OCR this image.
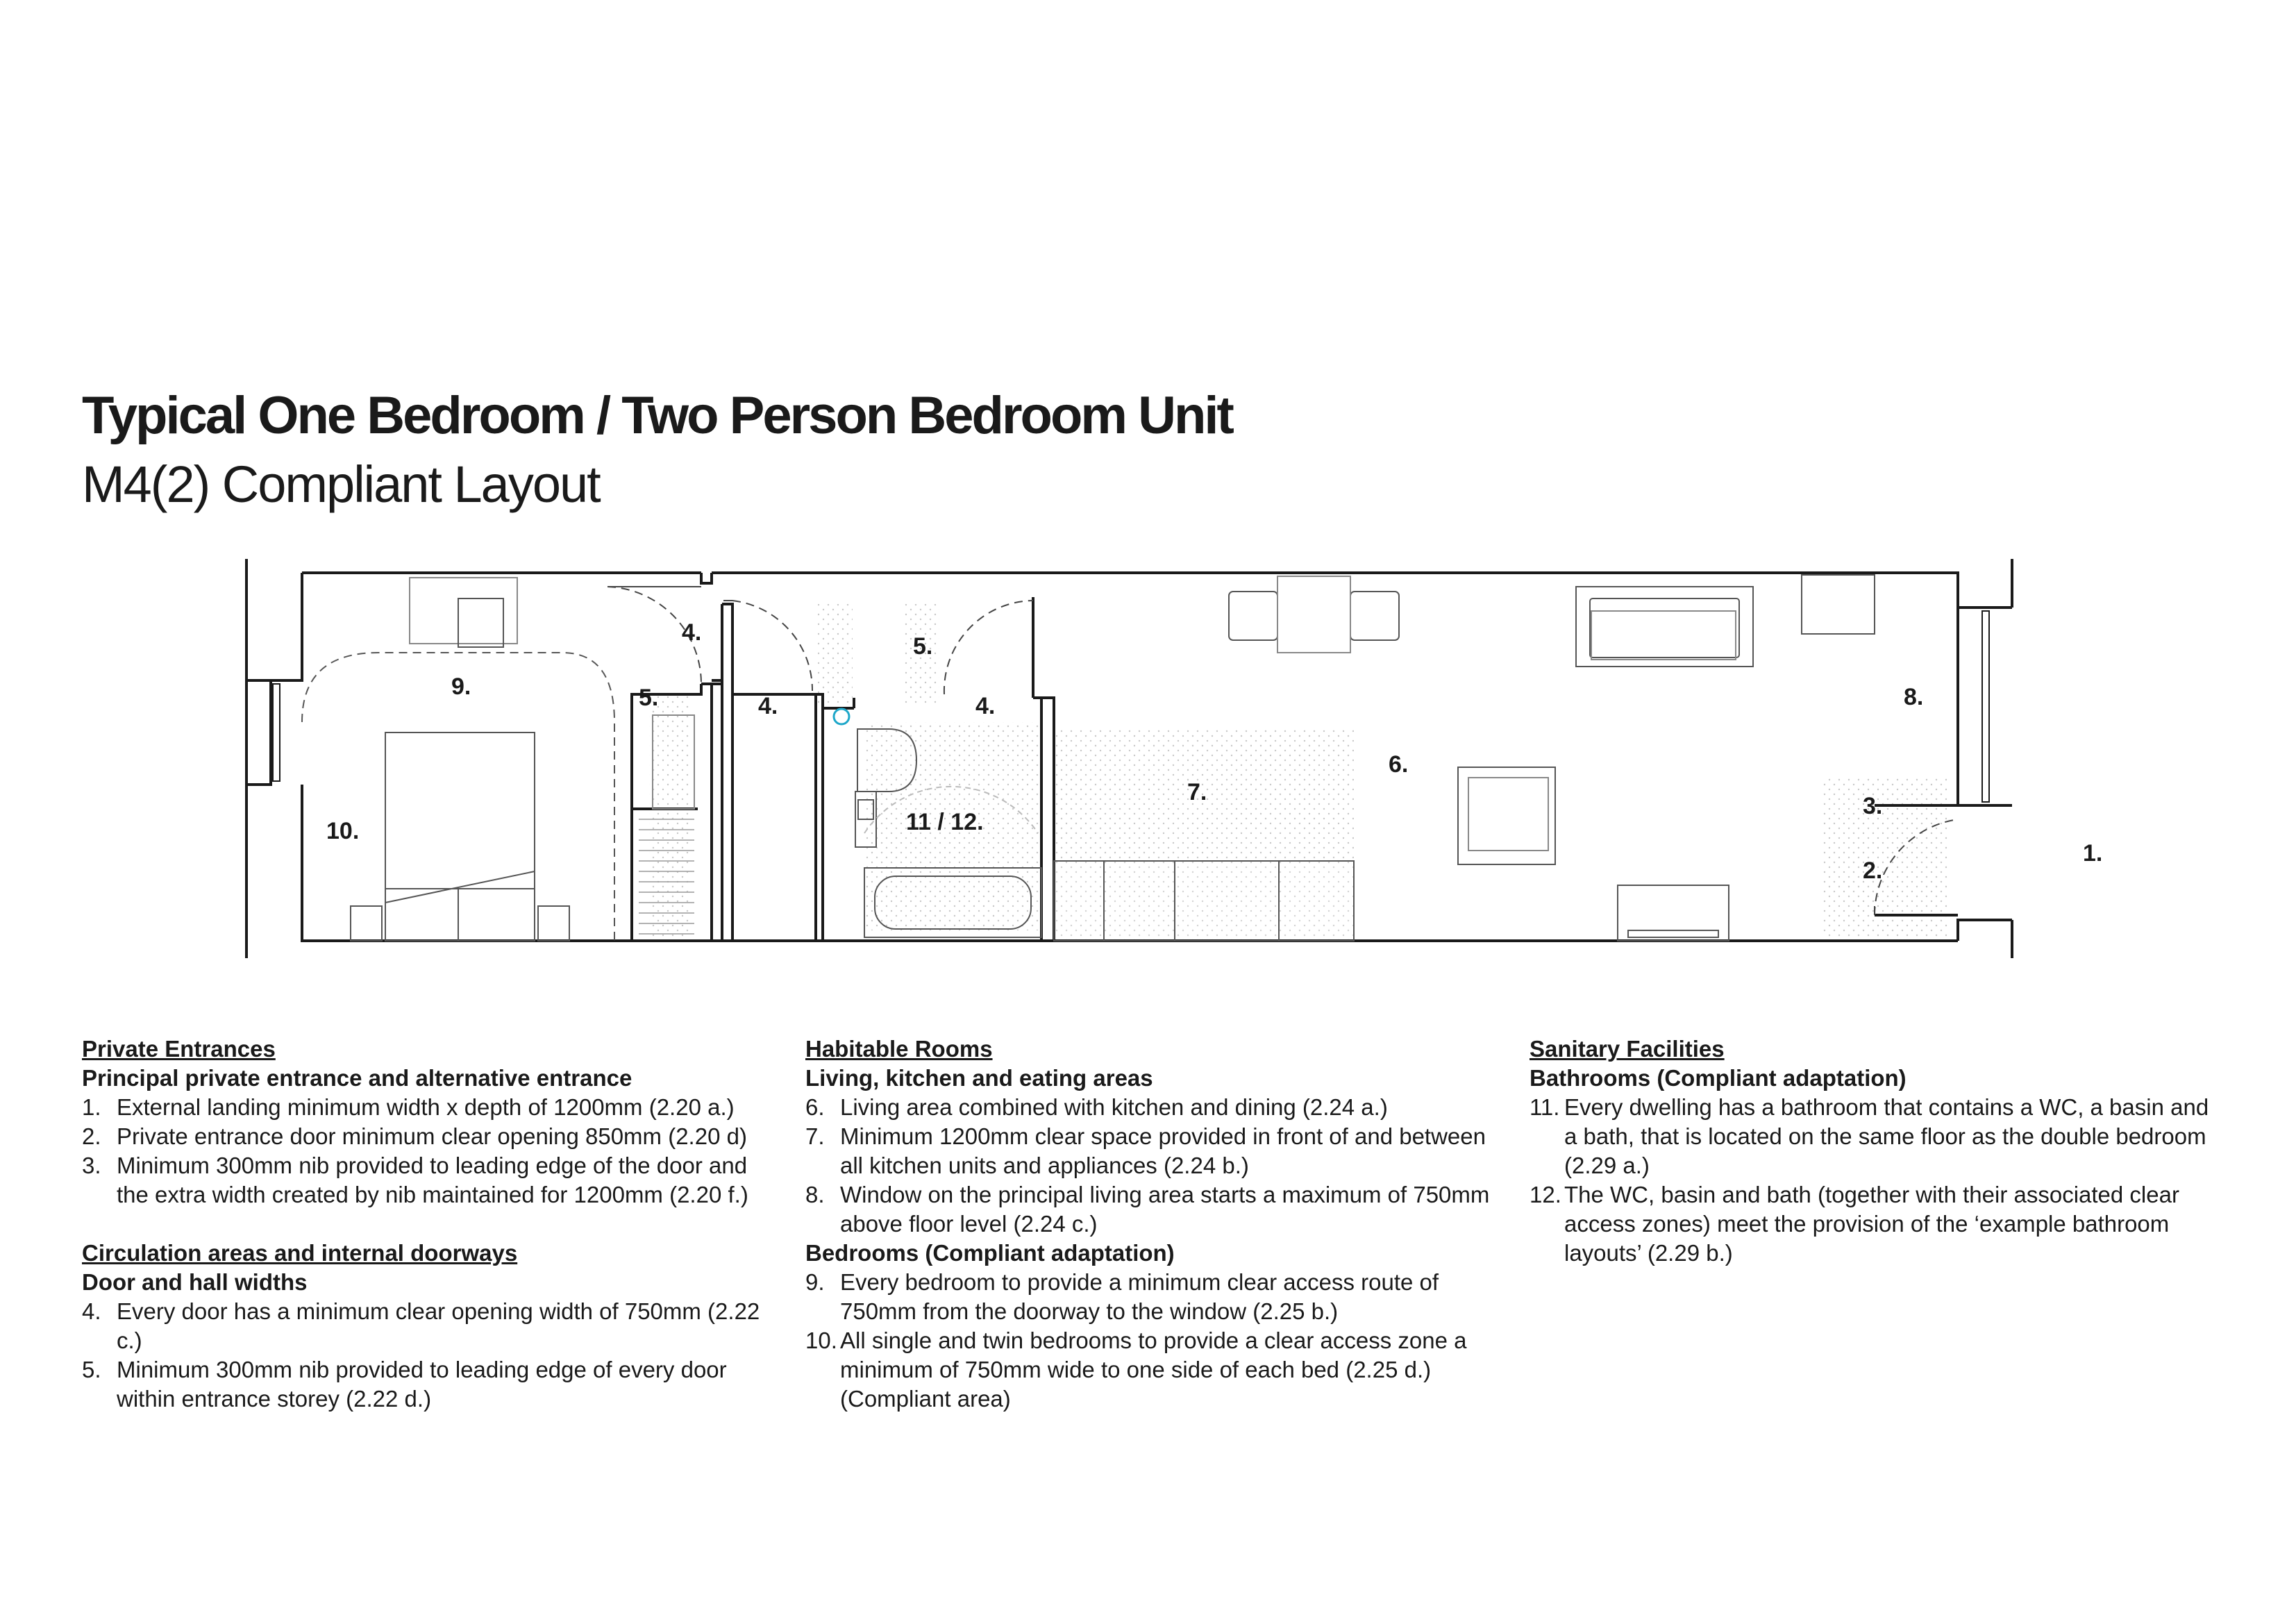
Typical One Bedroom / Two Person Bedroom Unit
M4(2) Compliant Layout
1.
2.
3.
4.
4.	4.
5.
5.
6.
7.
8.
9.
10.	11 / 12.
Private Entrances
Principal private entrance and alternative entrance
1. External landing minimum width x depth of 1200mm (2.20 a.)
2. Private entrance door minimum clear opening 850mm (2.20 d)
3. Minimum 300mm nib provided to leading edge of the door and the extra width created by nib maintained for 1200mm (2.20 f.)
Circulation areas and internal doorways
Door and hall widths
4. Every door has a minimum clear opening width of 750mm (2.22 c.)
5. Minimum 300mm nib provided to leading edge of every door within entrance storey (2.22 d.)
Habitable Rooms
Living, kitchen and eating areas
6. Living area combined with kitchen and dining (2.24 a.)
7. Minimum 1200mm clear space provided in front of and between all kitchen units and appliances (2.24 b.)
8. Window on the principal living area starts a maximum of 750mm above floor level (2.24 c.)
Bedrooms (Compliant adaptation)
9. Every bedroom to provide a minimum clear access route of 750mm from the doorway to the window (2.25 b.)
10. All single and twin bedrooms to provide a clear access zone a minimum of 750mm wide to one side of each bed (2.25 d.) (Compliant area)
Sanitary Facilities
Bathrooms (Compliant adaptation)
11. Every dwelling has a bathroom that contains a WC, a basin and a bath, that is located on the same floor as the double bedroom (2.29 a.)
12. The WC, basin and bath (together with their associated clear access zones) meet the provision of the ‘example bathroom layouts’ (2.29 b.)
